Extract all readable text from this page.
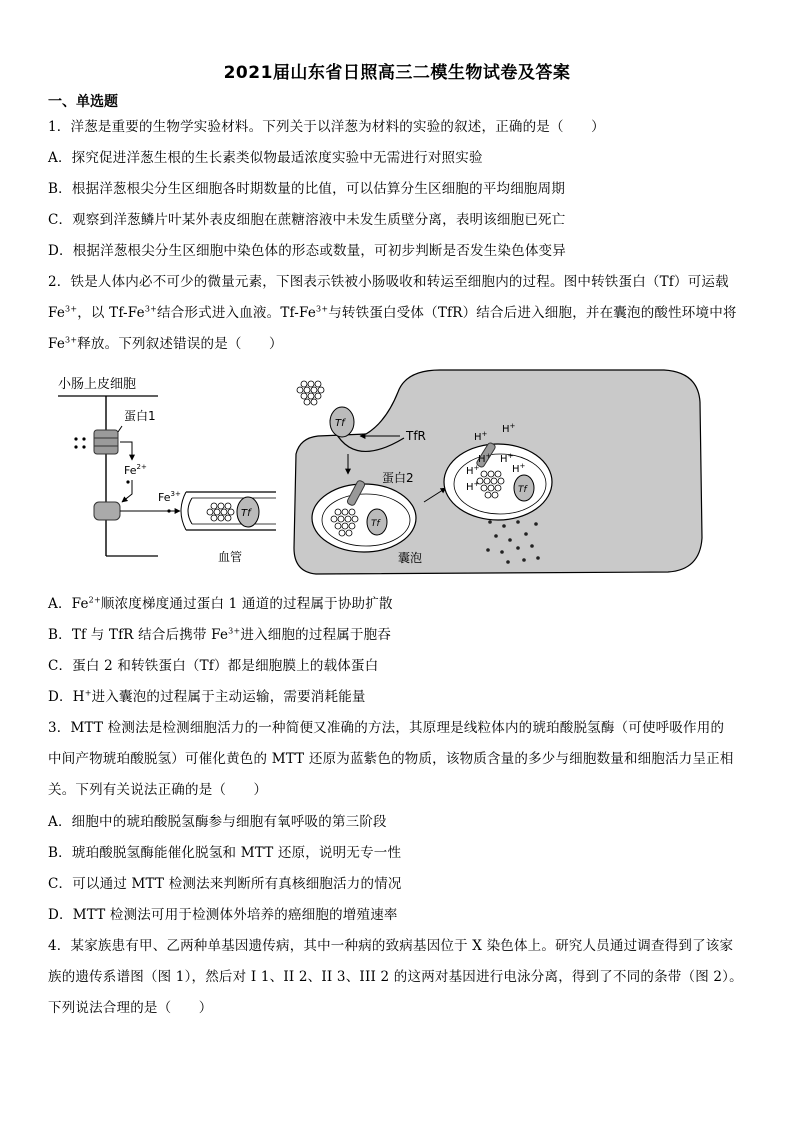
2021届山东省日照高三二模生物试卷及答案
一、单选题
1．洋葱是重要的生物学实验材料。下列关于以洋葱为材料的实验的叙述，正确的是（　　）
A．探究促进洋葱生根的生长素类似物最适浓度实验中无需进行对照实验
B．根据洋葱根尖分生区细胞各时期数量的比值，可以估算分生区细胞的平均细胞周期
C．观察到洋葱鳞片叶某外表皮细胞在蔗糖溶液中未发生质壁分离，表明该细胞已死亡
D．根据洋葱根尖分生区细胞中染色体的形态或数量，可初步判断是否发生染色体变异
2．铁是人体内必不可少的微量元素，下图表示铁被小肠吸收和转运至细胞内的过程。图中转铁蛋白（Tf）可运载
$Fe^{3+}$，以 $Tf-Fe^{3+}$结合形式进入血液。$Tf-Fe^{3+}$与转铁蛋白受体（TfR）结合后进入细胞，并在囊泡的酸性环境中将
$Fe^{3+}$释放。下列叙述错误的是（　　）
小肠上皮细胞
蛋白1
$Fe^{2+}$
$Fe^{3+}$
Tf
血管
Tf
TfR
Tf
蛋白2
囊泡
Tf
H+ H+
H+
H+ H+
H+
H+
A．$Fe^{2+}$顺浓度梯度通过蛋白 1 通道的过程属于协助扩散
B．Tf 与 TfR 结合后携带 $Fe^{3+}$进入细胞的过程属于胞吞
C．蛋白 2 和转铁蛋白（Tf）都是细胞膜上的载体蛋白
D．H+进入囊泡的过程属于主动运输，需要消耗能量
3．MTT 检测法是检测细胞活力的一种简便又准确的方法，其原理是线粒体内的琥珀酸脱氢酶（可使呼吸作用的
中间产物琥珀酸脱氢）可催化黄色的 MTT 还原为蓝紫色的物质，该物质含量的多少与细胞数量和细胞活力呈正相
关。下列有关说法正确的是（　　）
A．细胞中的琥珀酸脱氢酶参与细胞有氧呼吸的第三阶段
B．琥珀酸脱氢酶能催化脱氢和 MTT 还原，说明无专一性
C．可以通过 MTT 检测法来判断所有真核细胞活力的情况
D．MTT 检测法可用于检测体外培养的癌细胞的增殖速率
4．某家族患有甲、乙两种单基因遗传病，其中一种病的致病基因位于 X 染色体上。研究人员通过调查得到了该家
族的遗传系谱图（图 1），然后对 I 1、II 2、II 3、III 2 的这两对基因进行电泳分离，得到了不同的条带（图 2）。
下列说法合理的是（　　）
